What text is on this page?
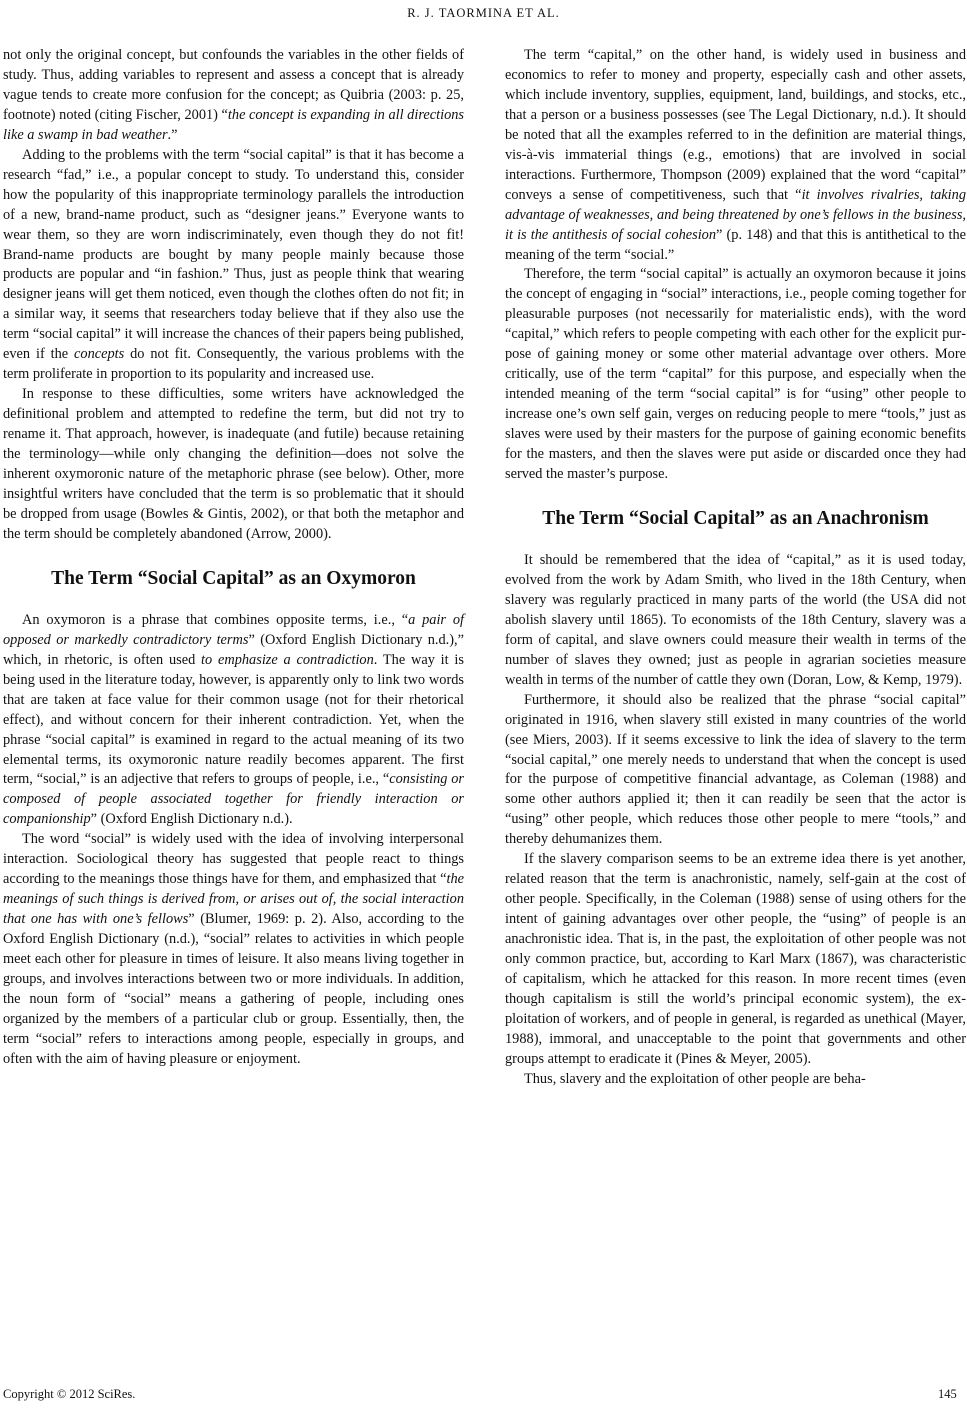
R. J. TAORMINA ET AL.

not only the original concept, but confounds the variables in the other fields of study. Thus, adding variables to represent and assess a concept that is already vague tends to create more confusion for the concept; as Quibria (2003: p. 25, footnote) noted (citing Fischer, 2001) “the concept is expanding in all directions like a swamp in bad weather.”

Adding to the problems with the term “social capital” is that it has become a research “fad,” i.e., a popular concept to study. To understand this, consider how the popularity of this inappropriate terminology parallels the introduction of a new, brand-name product, such as “designer jeans.” Everyone wants to wear them, so they are worn indiscriminately, even though they do not fit! Brand-name products are bought by many people mainly because those products are popular and “in fashion.” Thus, just as people think that wearing designer jeans will get them noticed, even though the clothes often do not fit; in a similar way, it seems that researchers today believe that if they also use the term “social capital” it will increase the chances of their papers being published, even if the concepts do not fit. Consequently, the various problems with the term proliferate in proportion to its popularity and increased use.

In response to these difficulties, some writers have acknowledged the definitional problem and attempted to redefine the term, but did not try to rename it. That approach, however, is inadequate (and futile) because retaining the terminology—while only changing the definition—does not solve the inherent oxymoronic nature of the metaphoric phrase (see below). Other, more insightful writers have concluded that the term is so problematic that it should be dropped from usage (Bowles & Gintis, 2002), or that both the metaphor and the term should be completely abandoned (Arrow, 2000).

The Term “Social Capital” as an Oxymoron

An oxymoron is a phrase that combines opposite terms, i.e., “a pair of opposed or markedly contradictory terms” (Oxford English Dictionary n.d.),” which, in rhetoric, is often used to emphasize a contradiction. The way it is being used in the literature today, however, is apparently only to link two words that are taken at face value for their common usage (not for their rhetorical effect), and without concern for their inherent contradiction. Yet, when the phrase “social capital” is examined in regard to the actual meaning of its two elemental terms, its oxymoronic nature readily becomes apparent. The first term, “social,” is an adjective that refers to groups of people, i.e., “consisting or composed of people associated together for friendly interaction or companionship” (Oxford English Dictionary n.d.).

The word “social” is widely used with the idea of involving interpersonal interaction. Sociological theory has suggested that people react to things according to the meanings those things have for them, and emphasized that “the meanings of such things is derived from, or arises out of, the social interaction that one has with one’s fellows” (Blumer, 1969: p. 2). Also, according to the Oxford English Dictionary (n.d.), “social” relates to activities in which people meet each other for pleasure in times of leisure. It also means living together in groups, and involves interactions between two or more individuals. In addition, the noun form of “social” means a gathering of people, including ones organized by the members of a particular club or group. Essentially, then, the term “social” refers to interactions among people, especially in groups, and often with the aim of having pleasure or enjoyment.

The term “capital,” on the other hand, is widely used in business and economics to refer to money and property, especially cash and other assets, which include inventory, supplies, equipment, land, buildings, and stocks, etc., that a person or a business possesses (see The Legal Dictionary, n.d.). It should be noted that all the examples referred to in the definition are material things, vis-à-vis immaterial things (e.g., emotions) that are involved in social interactions. Furthermore, Thompson (2009) explained that the word “capital” conveys a sense of competitiveness, such that “it involves rivalries, taking advantage of weaknesses, and being threatened by one’s fellows in the business, it is the antithesis of social cohesion” (p. 148) and that this is antithetical to the meaning of the term “social.”

Therefore, the term “social capital” is actually an oxymoron because it joins the concept of engaging in “social” interactions, i.e., people coming together for pleasurable purposes (not necessarily for materialistic ends), with the word “capital,” which refers to people competing with each other for the explicit purpose of gaining money or some other material advantage over others. More critically, use of the term “capital” for this purpose, and especially when the intended meaning of the term “social capital” is for “using” other people to increase one’s own self gain, verges on reducing people to mere “tools,” just as slaves were used by their masters for the purpose of gaining economic benefits for the masters, and then the slaves were put aside or discarded once they had served the master’s purpose.

The Term “Social Capital” as an Anachronism

It should be remembered that the idea of “capital,” as it is used today, evolved from the work by Adam Smith, who lived in the 18th Century, when slavery was regularly practiced in many parts of the world (the USA did not abolish slavery until 1865). To economists of the 18th Century, slavery was a form of capital, and slave owners could measure their wealth in terms of the number of slaves they owned; just as people in agrarian societies measure wealth in terms of the number of cattle they own (Doran, Low, & Kemp, 1979).

Furthermore, it should also be realized that the phrase “social capital” originated in 1916, when slavery still existed in many countries of the world (see Miers, 2003). If it seems excessive to link the idea of slavery to the term “social capital,” one merely needs to understand that when the concept is used for the purpose of competitive financial advantage, as Coleman (1988) and some other authors applied it; then it can readily be seen that the actor is “using” other people, which reduces those other people to mere “tools,” and thereby dehumanizes them.

If the slavery comparison seems to be an extreme idea there is yet another, related reason that the term is anachronistic, namely, self-gain at the cost of other people. Specifically, in the Coleman (1988) sense of using others for the intent of gaining advantages over other people, the “using” of people is an anachronistic idea. That is, in the past, the exploitation of other people was not only common practice, but, according to Karl Marx (1867), was characteristic of capitalism, which he attacked for this reason. In more recent times (even though capitalism is still the world’s principal economic system), the exploitation of workers, and of people in general, is regarded as unethical (Mayer, 1988), immoral, and unacceptable to the point that governments and other groups attempt to eradicate it (Pines & Meyer, 2005).

Thus, slavery and the exploitation of other people are beha-

Copyright © 2012 SciRes.	145
